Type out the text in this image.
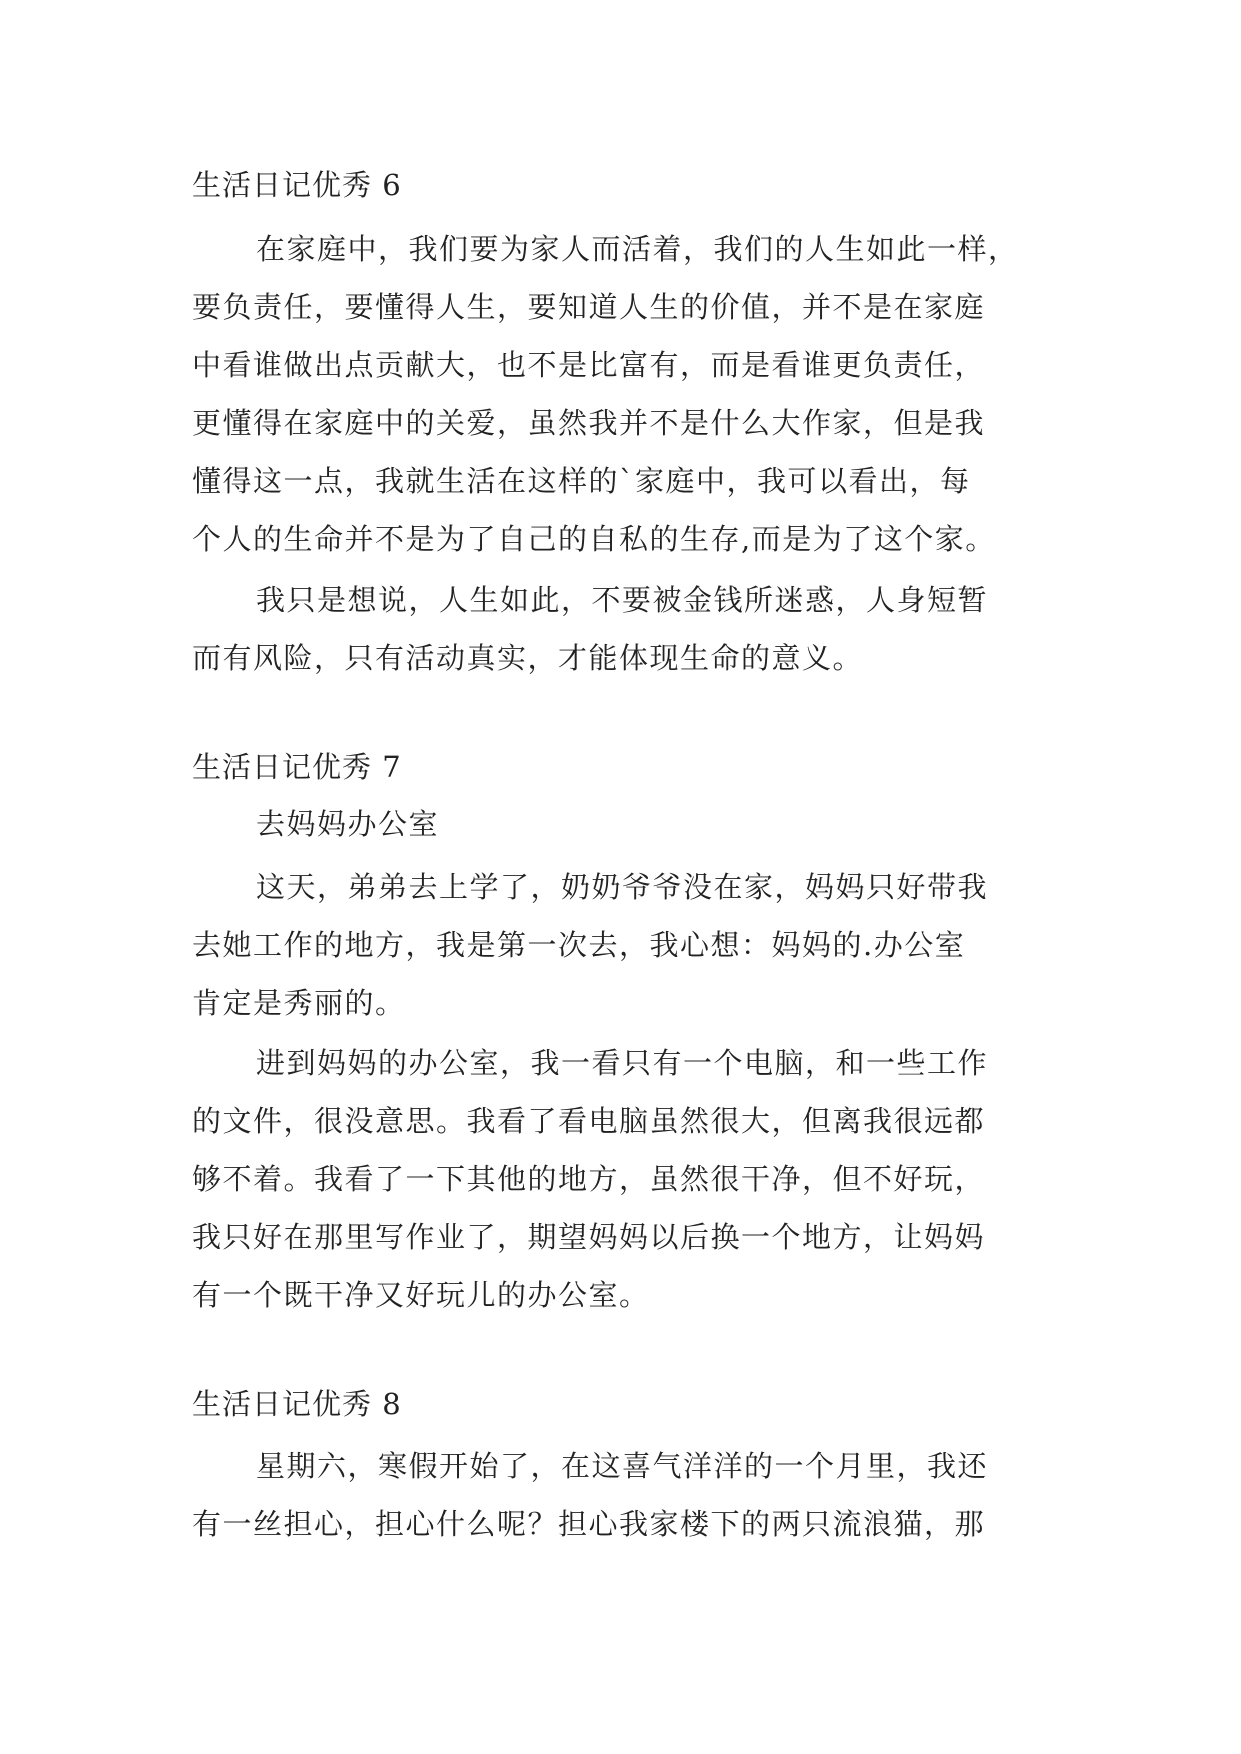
生活日记优秀 6
在家庭中，我们要为家人而活着，我们的人生如此一样，
要负责任，要懂得人生，要知道人生的价值，并不是在家庭
中看谁做出点贡献大，也不是比富有，而是看谁更负责任，
更懂得在家庭中的关爱，虽然我并不是什么大作家，但是我
懂得这一点，我就生活在这样的`家庭中，我可以看出，每
个人的生命并不是为了自己的自私的生存,而是为了这个家。
我只是想说，人生如此，不要被金钱所迷惑，人身短暂
而有风险，只有活动真实，才能体现生命的意义。
生活日记优秀 7
去妈妈办公室
这天，弟弟去上学了，奶奶爷爷没在家，妈妈只好带我
去她工作的地方，我是第一次去，我心想：妈妈的.办公室
肯定是秀丽的。
进到妈妈的办公室，我一看只有一个电脑，和一些工作
的文件，很没意思。我看了看电脑虽然很大，但离我很远都
够不着。我看了一下其他的地方，虽然很干净，但不好玩，
我只好在那里写作业了，期望妈妈以后换一个地方，让妈妈
有一个既干净又好玩儿的办公室。
生活日记优秀 8
星期六，寒假开始了，在这喜气洋洋的一个月里，我还
有一丝担心，担心什么呢？担心我家楼下的两只流浪猫，那
